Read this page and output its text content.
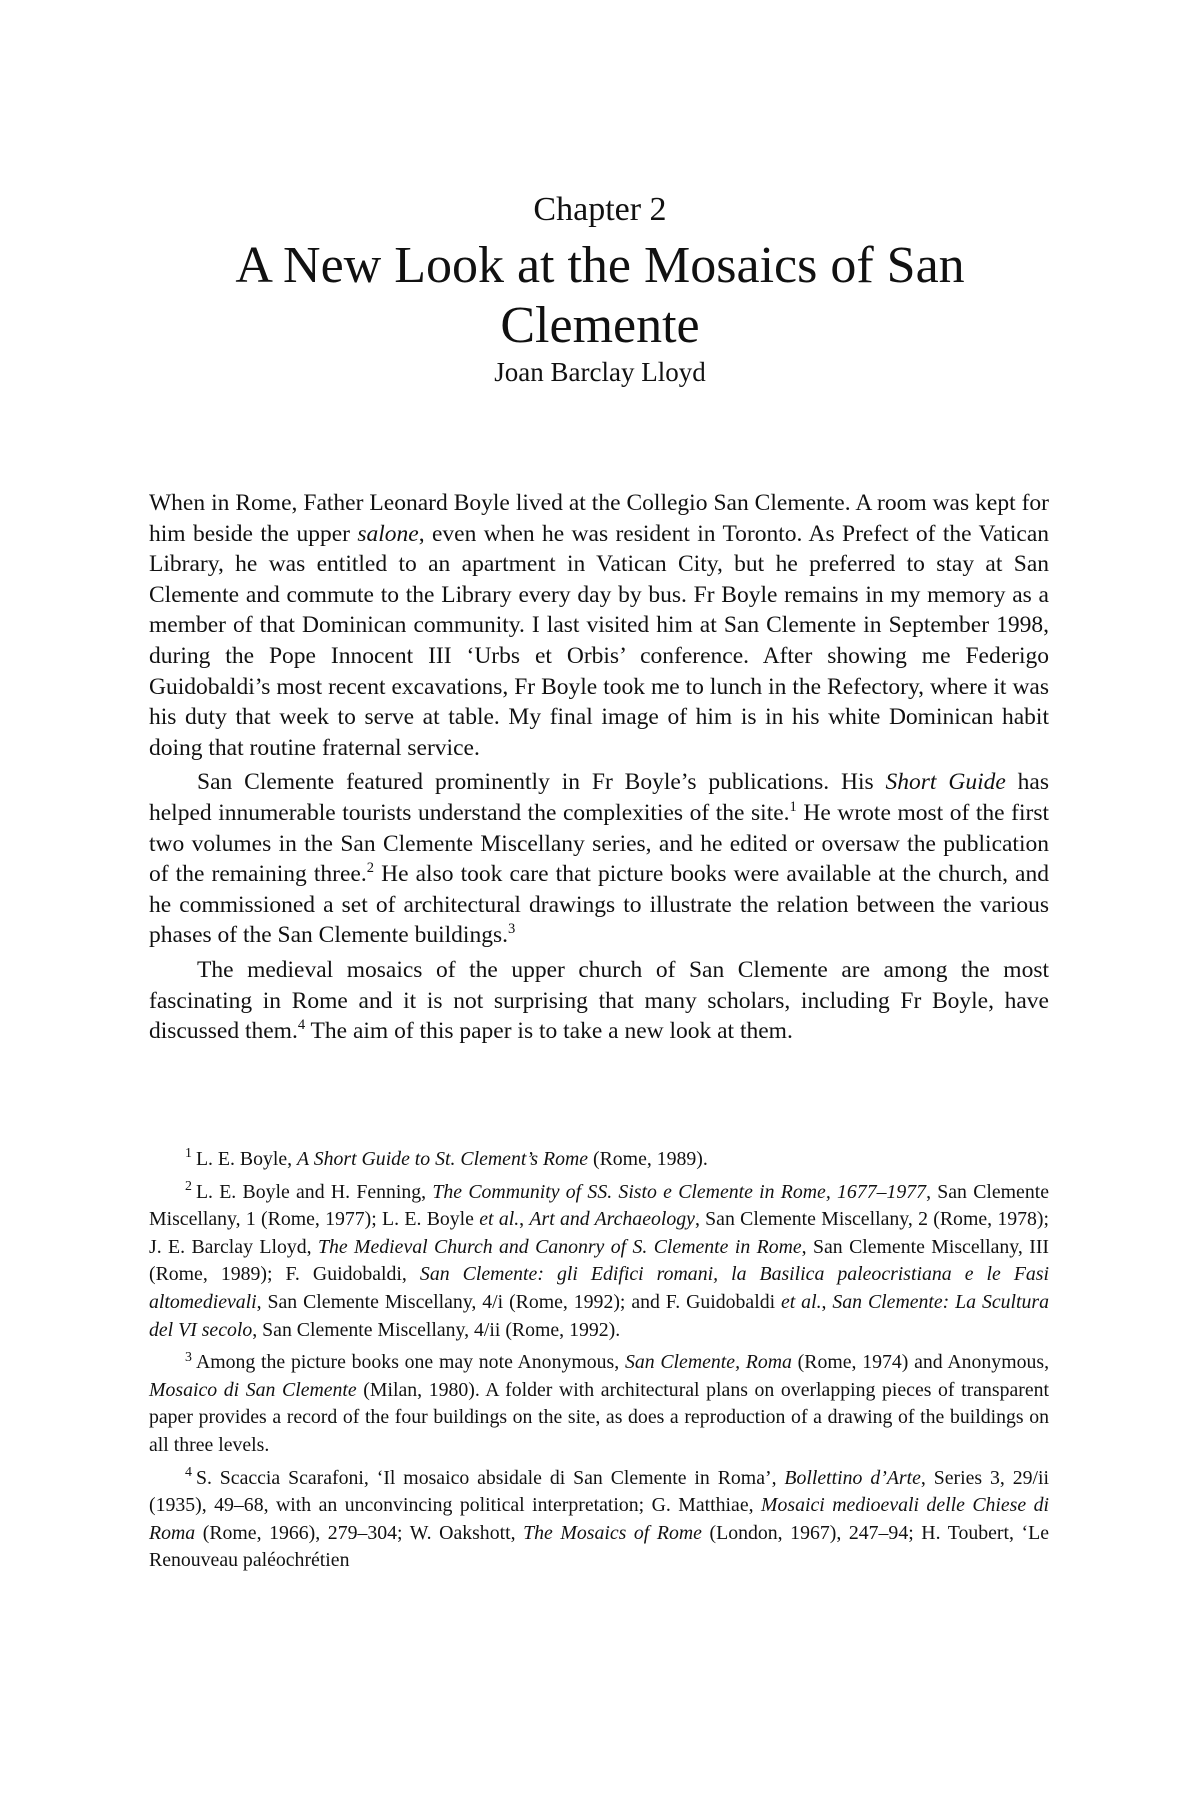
Chapter 2
A New Look at the Mosaics of San Clemente
Joan Barclay Lloyd

When in Rome, Father Leonard Boyle lived at the Collegio San Clemente. A room was kept for him beside the upper salone, even when he was resident in Toronto. As Prefect of the Vatican Library, he was entitled to an apartment in Vatican City, but he preferred to stay at San Clemente and commute to the Library every day by bus. Fr Boyle remains in my memory as a member of that Dominican community. I last visited him at San Clemente in September 1998, during the Pope Innocent III ‘Urbs et Orbis’ conference. After showing me Federigo Guidobaldi’s most recent excavations, Fr Boyle took me to lunch in the Refectory, where it was his duty that week to serve at table. My final image of him is in his white Dominican habit doing that routine fraternal service.

San Clemente featured prominently in Fr Boyle’s publications. His Short Guide has helped innumerable tourists understand the complexities of the site.$^1$ He wrote most of the first two volumes in the San Clemente Miscellany series, and he edited or oversaw the publication of the remaining three.$^2$ He also took care that picture books were available at the church, and he commissioned a set of architectural drawings to illustrate the relation between the various phases of the San Clemente buildings.$^3$

The medieval mosaics of the upper church of San Clemente are among the most fascinating in Rome and it is not surprising that many scholars, including Fr Boyle, have discussed them.$^4$ The aim of this paper is to take a new look at them.

$^1$ L. E. Boyle, A Short Guide to St. Clement’s Rome (Rome, 1989).

$^2$ L. E. Boyle and H. Fenning, The Community of SS. Sisto e Clemente in Rome, 1677–1977, San Clemente Miscellany, 1 (Rome, 1977); L. E. Boyle et al., Art and Archaeology, San Clemente Miscellany, 2 (Rome, 1978); J. E. Barclay Lloyd, The Medieval Church and Canonry of S. Clemente in Rome, San Clemente Miscellany, III (Rome, 1989); F. Guidobaldi, San Clemente: gli Edifici romani, la Basilica paleocristiana e le Fasi altomedievali, San Clemente Miscellany, 4/i (Rome, 1992); and F. Guidobaldi et al., San Clemente: La Scultura del VI secolo, San Clemente Miscellany, 4/ii (Rome, 1992).

$^3$ Among the picture books one may note Anonymous, San Clemente, Roma (Rome, 1974) and Anonymous, Mosaico di San Clemente (Milan, 1980). A folder with architectural plans on overlapping pieces of transparent paper provides a record of the four buildings on the site, as does a reproduction of a drawing of the buildings on all three levels.

$^4$ S. Scaccia Scarafoni, ‘Il mosaico absidale di San Clemente in Roma’, Bollettino d’Arte, Series 3, 29/ii (1935), 49–68, with an unconvincing political interpretation; G. Matthiae, Mosaici medioevali delle Chiese di Roma (Rome, 1966), 279–304; W. Oakshott, The Mosaics of Rome (London, 1967), 247–94; H. Toubert, ‘Le Renouveau paléochrétien
